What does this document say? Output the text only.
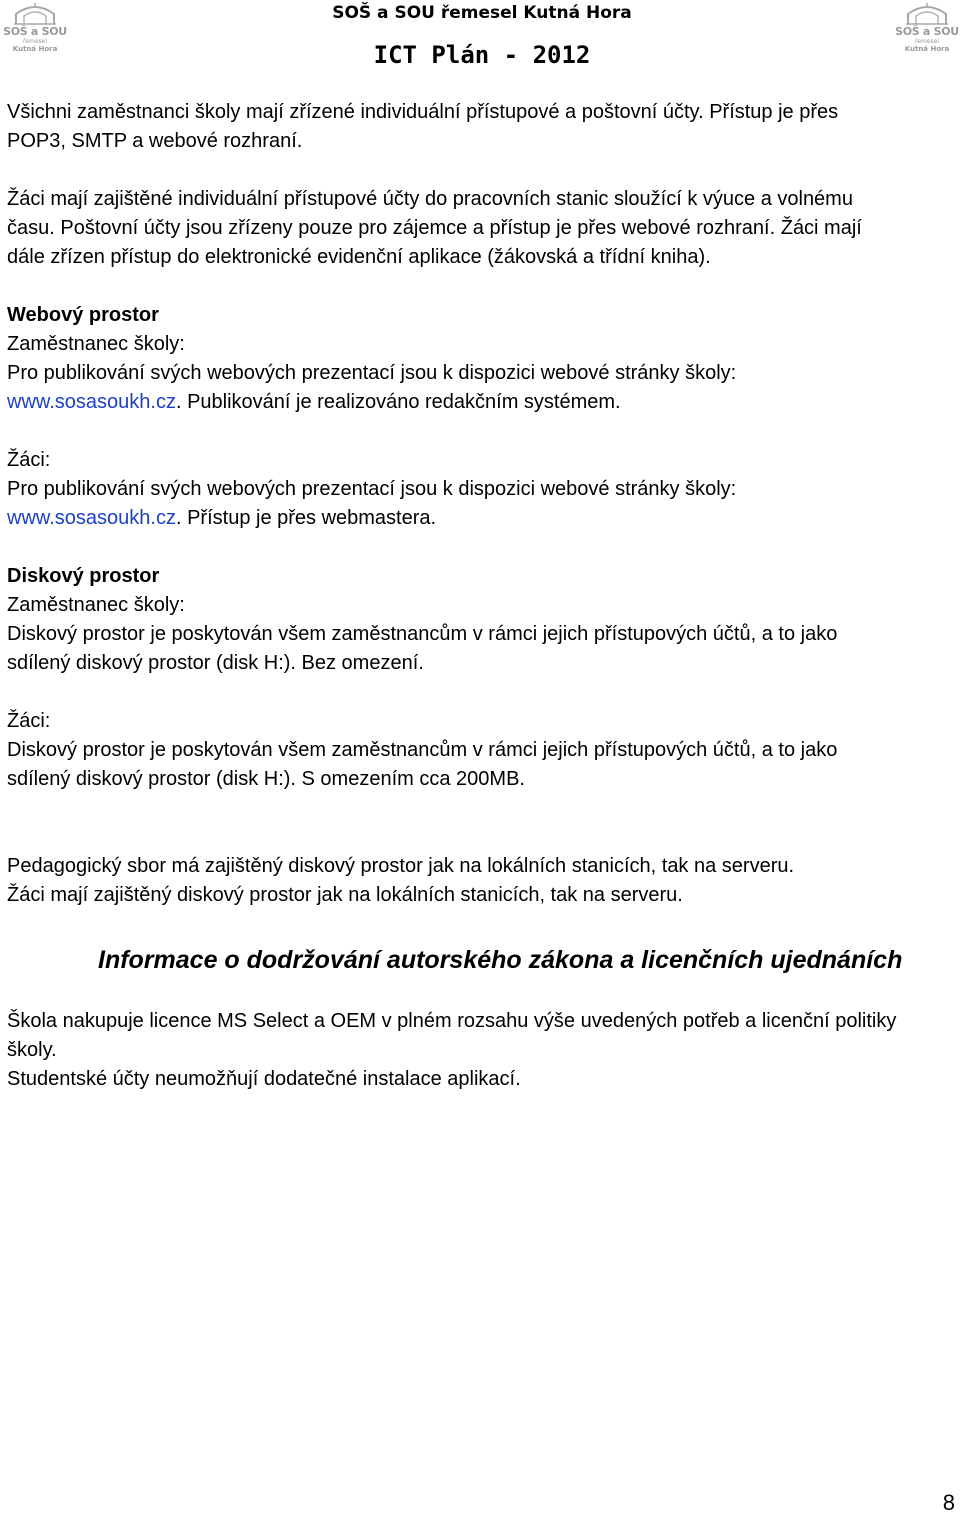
SOŠ a SOU
řemesel
Kutná Hora
SOŠ a SOU
řemesel
Kutná Hora
SOŠ a SOU řemesel Kutná Hora
ICT Plán - 2012
Všichni zaměstnanci školy mají zřízené individuální přístupové a poštovní účty. Přístup je přes
POP3, SMTP a webové rozhraní.
Žáci mají zajištěné individuální přístupové účty do pracovních stanic sloužící k výuce a volnému
času. Poštovní účty jsou zřízeny pouze pro zájemce a přístup je přes webové rozhraní. Žáci mají
dále zřízen přístup do elektronické evidenční aplikace (žákovská a třídní kniha).
Webový prostor
Zaměstnanec školy:
Pro publikování svých webových prezentací jsou k dispozici webové stránky školy:
www.sosasoukh.cz. Publikování je realizováno redakčním systémem.
Žáci:
Pro publikování svých webových prezentací jsou k dispozici webové stránky školy:
www.sosasoukh.cz. Přístup je přes webmastera.
Diskový prostor
Zaměstnanec školy:
Diskový prostor je poskytován všem zaměstnancům v rámci jejich přístupových účtů, a to jako
sdílený diskový prostor (disk H:). Bez omezení.
Žáci:
Diskový prostor je poskytován všem zaměstnancům v rámci jejich přístupových účtů, a to jako
sdílený diskový prostor (disk H:). S omezením cca 200MB.
Pedagogický sbor má zajištěný diskový prostor jak na lokálních stanicích, tak na serveru.
Žáci mají zajištěný diskový prostor jak na lokálních stanicích, tak na serveru.
Informace o dodržování autorského zákona a licenčních ujednáních
Škola nakupuje licence MS Select a OEM v plném rozsahu výše uvedených potřeb a licenční politiky
školy.
Studentské účty neumožňují dodatečné instalace aplikací.
8
